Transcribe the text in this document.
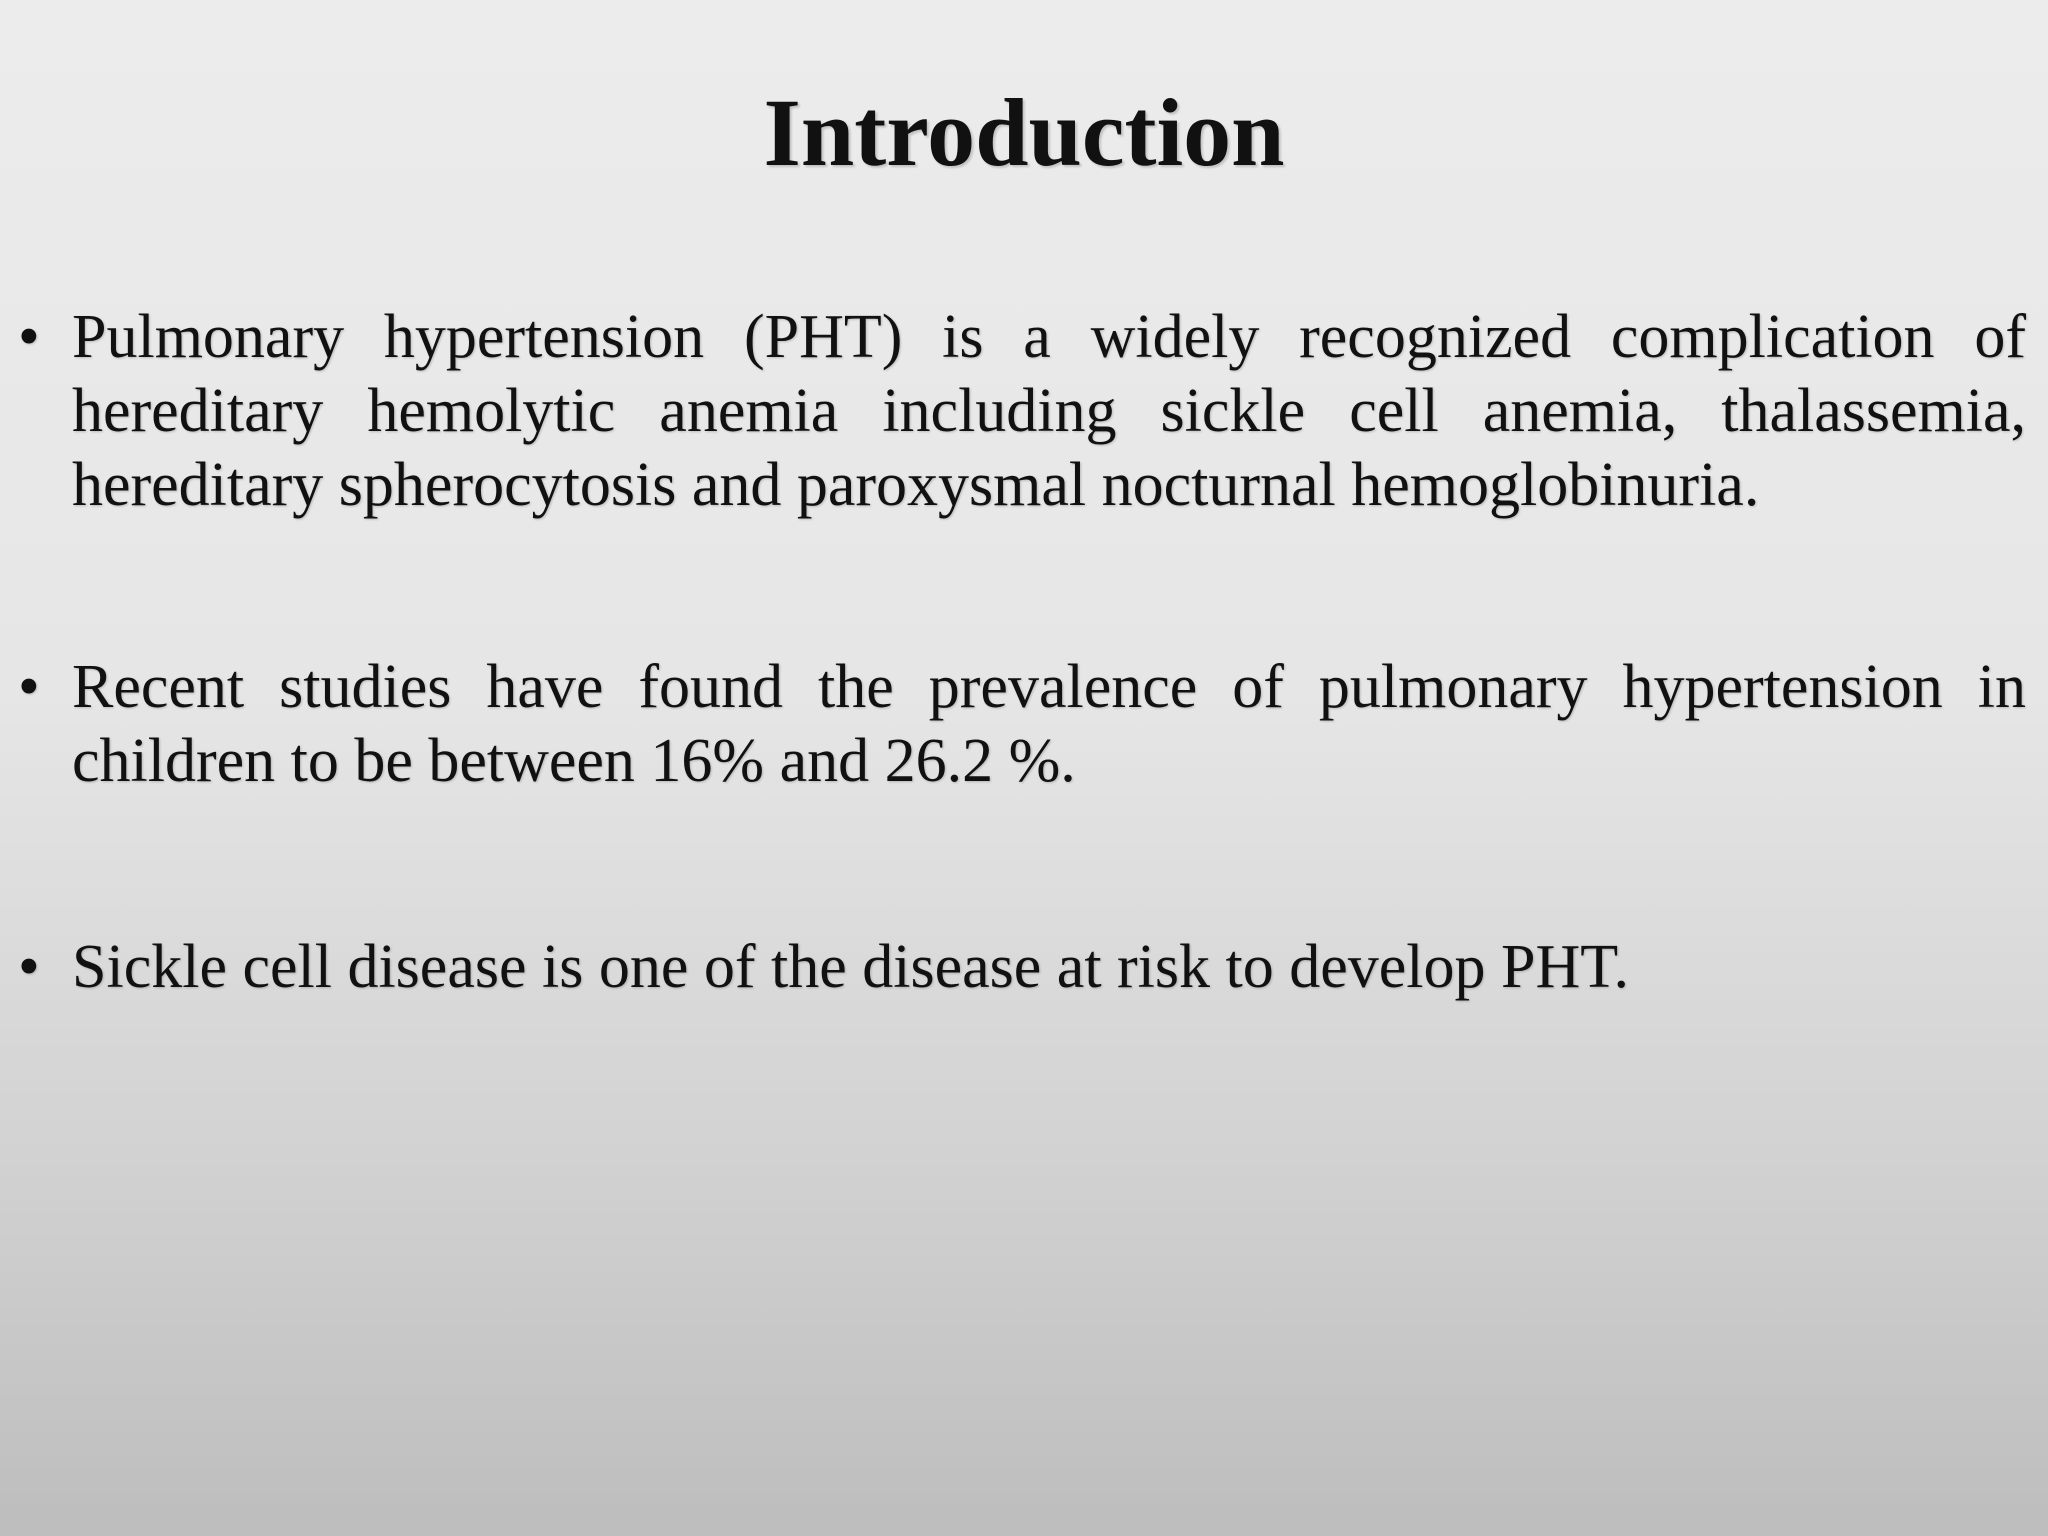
Introduction
• Pulmonary hypertension (PHT) is a widely recognized complication of hereditary hemolytic anemia including sickle cell anemia, thalassemia, hereditary spherocytosis and paroxysmal nocturnal hemoglobinuria.
• Recent studies have found the prevalence of pulmonary hypertension in children to be between 16% and 26.2 %.
• Sickle cell disease is one of the disease at risk to develop PHT.
